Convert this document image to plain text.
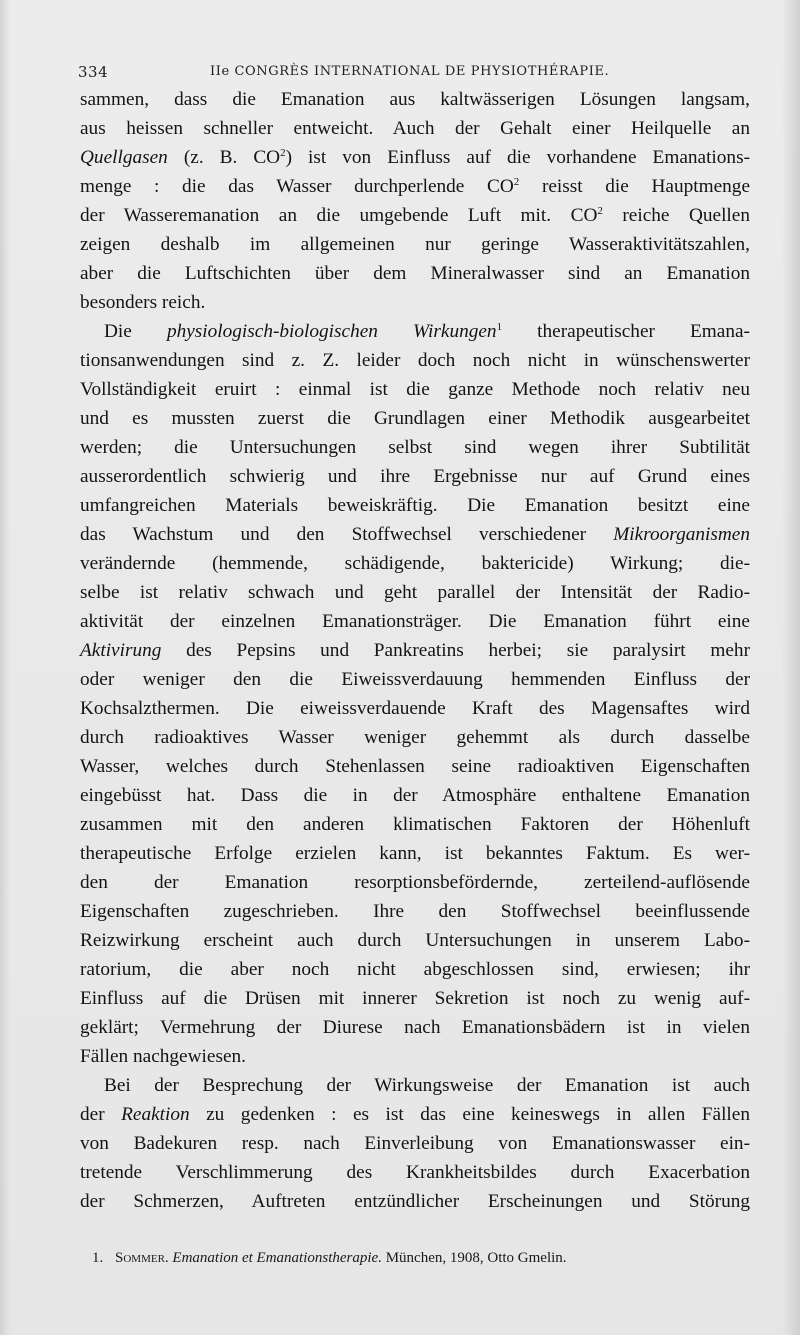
334	IIe CONGRÈS INTERNATIONAL DE PHYSIOTHÉRAPIE.
sammen, dass die Emanation aus kaltwässerigen Lösungen langsam,
aus heissen schneller entweicht. Auch der Gehalt einer Heilquelle an
Quellgasen (z. B. $CO^2$) ist von Einfluss auf die vorhandene Emanations-
menge : die das Wasser durchperlende $CO^2$ reisst die Hauptmenge
der Wasseremanation an die umgebende Luft mit. $CO^2$ reiche Quellen
zeigen deshalb im allgemeinen nur geringe Wasseraktivitätszahlen,
aber die Luftschichten über dem Mineralwasser sind an Emanation
besonders reich.
Die physiologisch-biologischen Wirkungen$^1$ therapeutischer Emana-
tionsanwendungen sind z. Z. leider doch noch nicht in wünschenswerter
Vollständigkeit eruirt : einmal ist die ganze Methode noch relativ neu
und es mussten zuerst die Grundlagen einer Methodik ausgearbeitet
werden; die Untersuchungen selbst sind wegen ihrer Subtilität
ausserordentlich schwierig und ihre Ergebnisse nur auf Grund eines
umfangreichen Materials beweiskräftig. Die Emanation besitzt eine
das Wachstum und den Stoffwechsel verschiedener Mikroorganismen
verändernde (hemmende, schädigende, baktericide) Wirkung; die-
selbe ist relativ schwach und geht parallel der Intensität der Radio-
aktivität der einzelnen Emanationsträger. Die Emanation führt eine
Aktivirung des Pepsins und Pankreatins herbei; sie paralysirt mehr
oder weniger den die Eiweissverdauung hemmenden Einfluss der
Kochsalzthermen. Die eiweissverdauende Kraft des Magensaftes wird
durch radioaktives Wasser weniger gehemmt als durch dasselbe
Wasser, welches durch Stehenlassen seine radioaktiven Eigenschaften
eingebüsst hat. Dass die in der Atmosphäre enthaltene Emanation
zusammen mit den anderen klimatischen Faktoren der Höhenluft
therapeutische Erfolge erzielen kann, ist bekanntes Faktum. Es wer-
den der Emanation resorptionsbefördernde, zerteilend-auflösende
Eigenschaften zugeschrieben. Ihre den Stoffwechsel beeinflussende
Reizwirkung erscheint auch durch Untersuchungen in unserem Labo-
ratorium, die aber noch nicht abgeschlossen sind, erwiesen; ihr
Einfluss auf die Drüsen mit innerer Sekretion ist noch zu wenig auf-
geklärt; Vermehrung der Diurese nach Emanationsbädern ist in vielen
Fällen nachgewiesen.
Bei der Besprechung der Wirkungsweise der Emanation ist auch
der Reaktion zu gedenken : es ist das eine keineswegs in allen Fällen
von Badekuren resp. nach Einverleibung von Emanationswasser ein-
tretende Verschlimmerung des Krankheitsbildes durch Exacerbation
der Schmerzen, Auftreten entzündlicher Erscheinungen und Störung
1. Sommer. Emanation et Emanationstherapie. München, 1908, Otto Gmelin.
